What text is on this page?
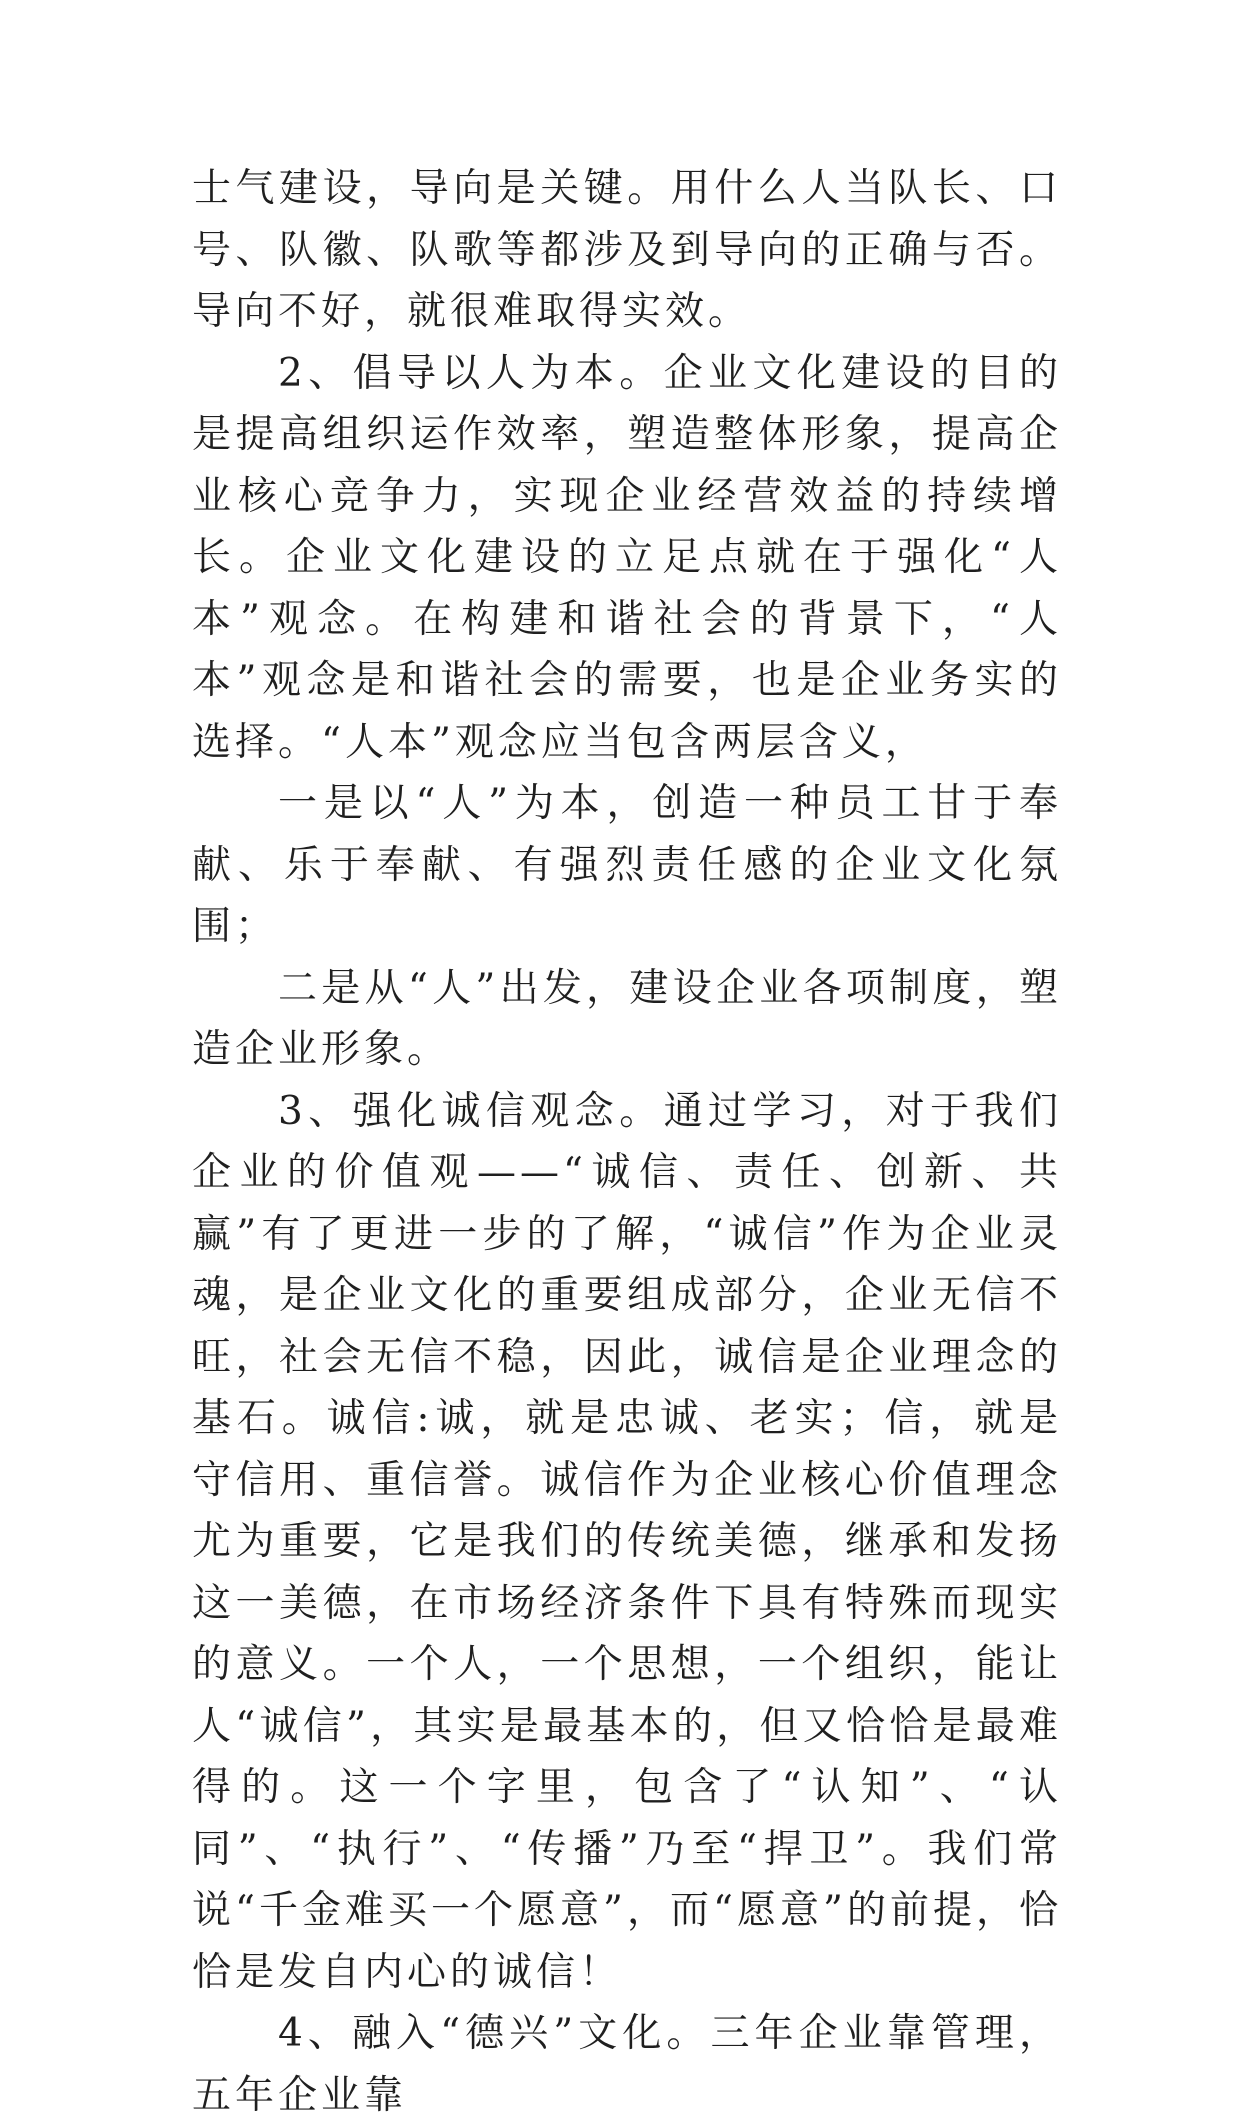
士气建设，导向是关键。用什么人当队长、口号、队徽、队歌等都涉及到导向的正确与否。导向不好，就很难取得实效。

2、倡导以人为本。企业文化建设的目的是提高组织运作效率，塑造整体形象，提高企业核心竞争力，实现企业经营效益的持续增长。企业文化建设的立足点就在于强化“人本”观念。在构建和谐社会的背景下，“人本”观念是和谐社会的需要，也是企业务实的选择。“人本”观念应当包含两层含义，

一是以“人”为本，创造一种员工甘于奉献、乐于奉献、有强烈责任感的企业文化氛围；

二是从“人”出发，建设企业各项制度，塑造企业形象。

3、强化诚信观念。通过学习，对于我们企业的价值观——“诚信、责任、创新、共赢”有了更进一步的了解，“诚信”作为企业灵魂，是企业文化的重要组成部分，企业无信不旺，社会无信不稳，因此，诚信是企业理念的基石。诚信:诚，就是忠诚、老实；信，就是守信用、重信誉。诚信作为企业核心价值理念尤为重要，它是我们的传统美德，继承和发扬这一美德，在市场经济条件下具有特殊而现实的意义。一个人，一个思想，一个组织，能让人“诚信”，其实是最基本的，但又恰恰是最难得的。这一个字里，包含了“认知”、“认同”、“执行”、“传播”乃至“捍卫”。我们常说“千金难买一个愿意”，而“愿意”的前提，恰恰是发自内心的诚信！

4、融入“德兴”文化。三年企业靠管理，五年企业靠
